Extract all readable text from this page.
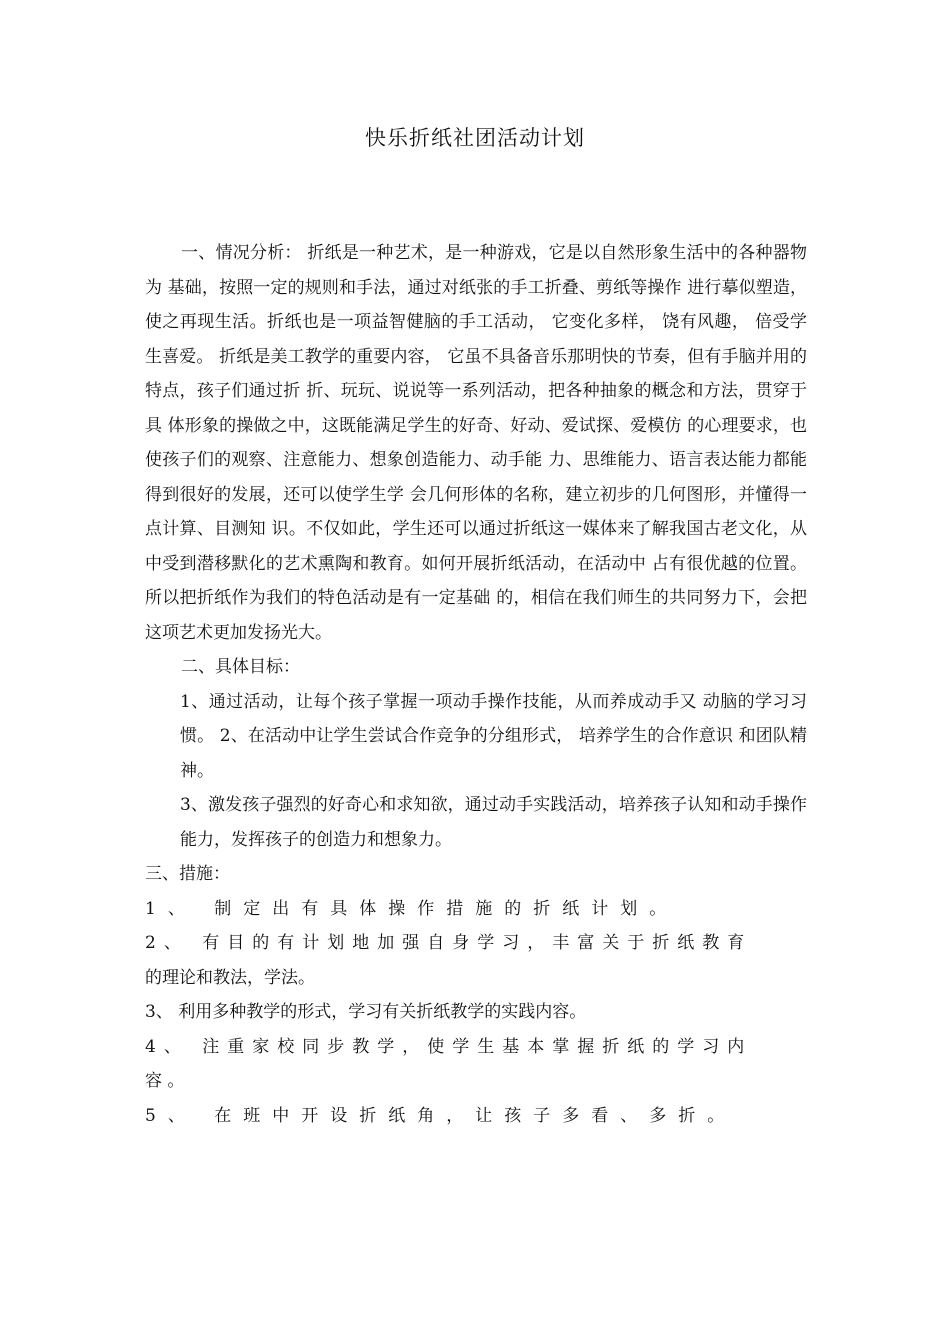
快乐折纸社团活动计划

一、情况分析： 折纸是一种艺术，是一种游戏，它是以自然形象生活中的各种器物为 基础，按照一定的规则和手法，通过对纸张的手工折叠、剪纸等操作 进行摹似塑造，使之再现生活。折纸也是一项益智健脑的手工活动， 它变化多样， 饶有风趣， 倍受学生喜爱。 折纸是美工教学的重要内容， 它虽不具备音乐那明快的节奏，但有手脑并用的特点，孩子们通过折 折、玩玩、说说等一系列活动，把各种抽象的概念和方法，贯穿于具 体形象的操做之中，这既能满足学生的好奇、好动、爱试探、爱模仿 的心理要求，也使孩子们的观察、注意能力、想象创造能力、动手能 力、思维能力、语言表达能力都能得到很好的发展，还可以使学生学 会几何形体的名称，建立初步的几何图形，并懂得一点计算、目测知 识。不仅如此，学生还可以通过折纸这一媒体来了解我国古老文化，从中受到潜移默化的艺术熏陶和教育。如何开展折纸活动，在活动中 占有很优越的位置。所以把折纸作为我们的特色活动是有一定基础 的，相信在我们师生的共同努力下，会把这项艺术更加发扬光大。

二、具体目标：

1、通过活动，让每个孩子掌握一项动手操作技能，从而养成动手又 动脑的学习习惯。 2、在活动中让学生尝试合作竞争的分组形式， 培养学生的合作意识 和团队精神。

3、激发孩子强烈的好奇心和求知欲，通过动手实践活动，培养孩子认知和动手操作能力，发挥孩子的创造力和想象力。

三、措施：

1、 制定出有具体操作措施的折纸计划。

2、 有目的有计划地加强自身学习，丰富关于折纸教育

的理论和教法，学法。

3、 利用多种教学的形式，学习有关折纸教学的实践内容。

4、 注重家校同步教学，使学生基本掌握折纸的学习内

容 。

5、 在班中开设折纸角，让孩子多看、多折。
